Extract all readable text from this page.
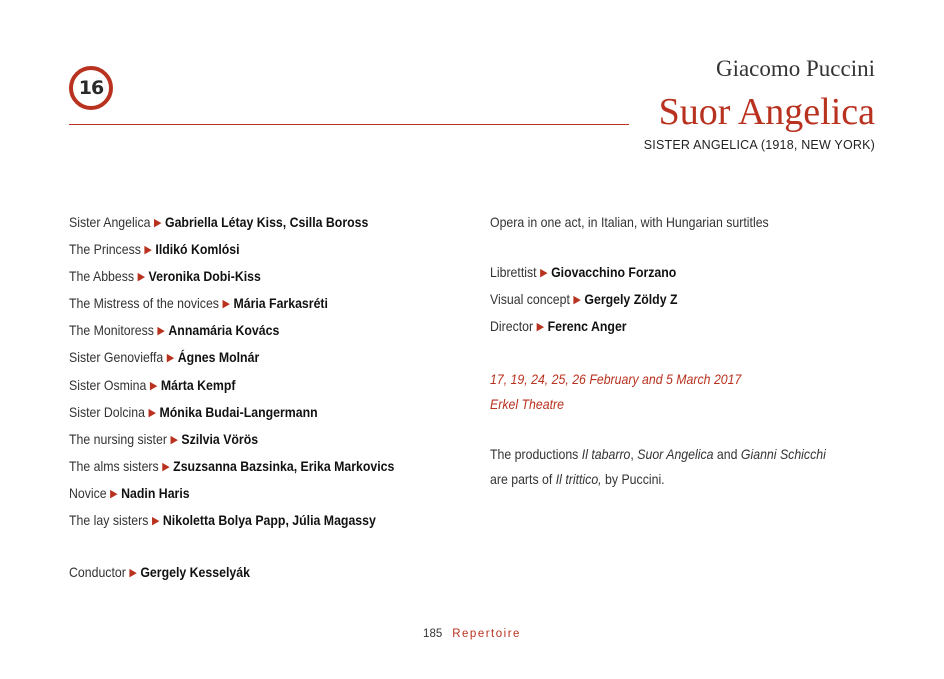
16
Giacomo Puccini
Suor Angelica
SISTER ANGELICA (1918, NEW YORK)
Sister Angelica ▶ Gabriella Létay Kiss, Csilla Boross
The Princess ▶ Ildikó Komlósi
The Abbess ▶ Veronika Dobi-Kiss
The Mistress of the novices ▶ Mária Farkasréti
The Monitoress ▶ Annamária Kovács
Sister Genovieffa ▶ Ágnes Molnár
Sister Osmina ▶ Márta Kempf
Sister Dolcina ▶ Mónika Budai-Langermann
The nursing sister ▶ Szilvia Vörös
The alms sisters ▶ Zsuzsanna Bazsinka, Erika Markovics
Novice ▶ Nadin Haris
The lay sisters ▶ Nikoletta Bolya Papp, Júlia Magassy
Conductor ▶ Gergely Kesselyák
Opera in one act, in Italian, with Hungarian surtitles
Librettist ▶ Giovacchino Forzano
Visual concept ▶ Gergely Zöldy Z
Director ▶ Ferenc Anger
17, 19, 24, 25, 26 February and 5 March 2017
Erkel Theatre
The productions Il tabarro, Suor Angelica and Gianni Schicchi
are parts of Il trittico, by Puccini.
185 Repertoire
